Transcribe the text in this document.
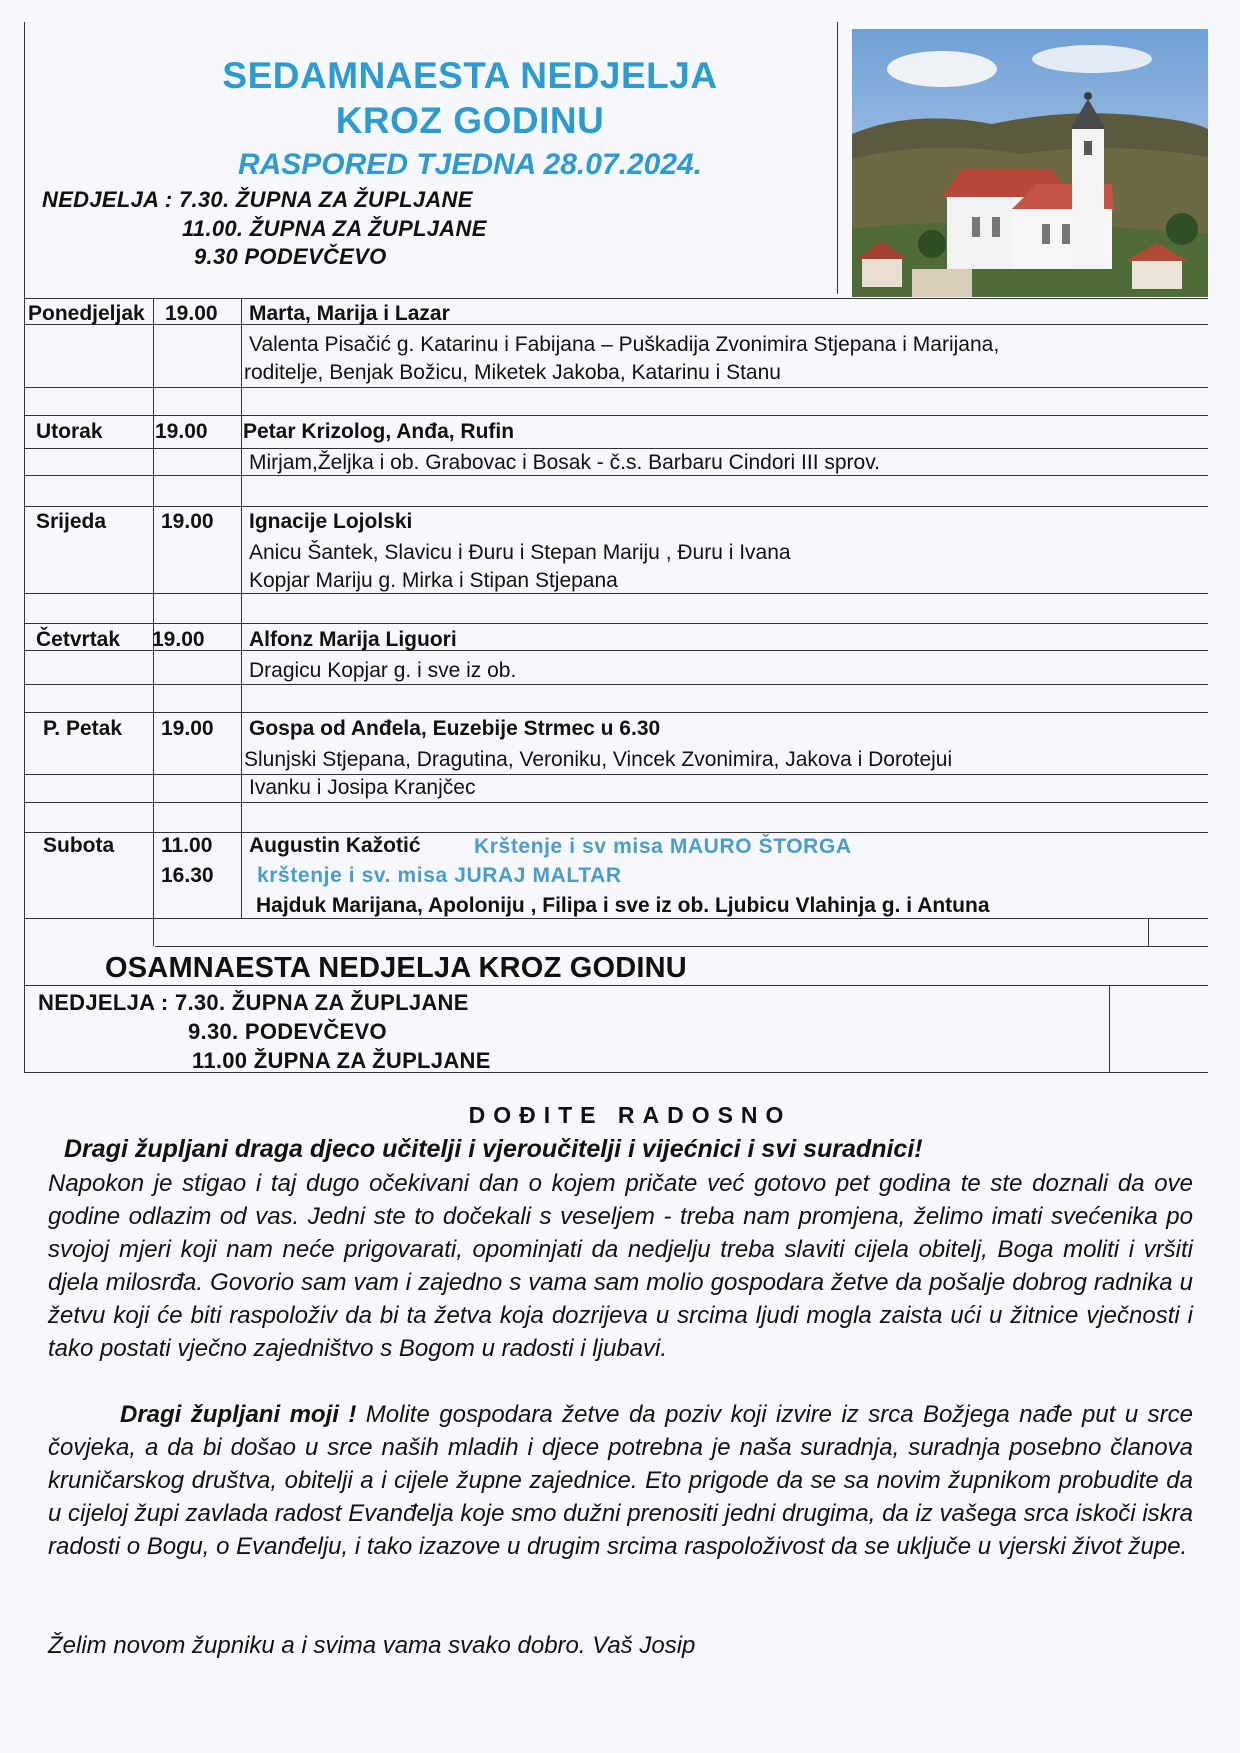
SEDAMNAESTA NEDJELJA
KROZ GODINU
RASPORED TJEDNA 28.07.2024.
NEDJELJA : 7.30. ŽUPNA ZA ŽUPLJANE
11.00. ŽUPNA ZA ŽUPLJANE
9.30 PODEVČEVO
Ponedjeljak 19.00 Marta, Marija i Lazar
Valenta Pisačić g. Katarinu i Fabijana – Puškadija Zvonimira Stjepana i Marijana,
roditelje, Benjak Božicu, Miketek Jakoba, Katarinu i Stanu
Utorak 19.00 Petar Krizolog, Anđa, Rufin
Mirjam,Željka i ob. Grabovac i Bosak - č.s. Barbaru Cindori III sprov.
Srijeda	19.00 Ignacije Lojolski
Anicu Šantek, Slavicu i Đuru i Stepan Mariju , Đuru i Ivana
Kopjar Mariju g. Mirka i Stipan Stjepana
Četvrtak 19.00 Alfonz Marija Liguori
Dragicu Kopjar g. i sve iz ob.
P. Petak 19.00 Gospa od Anđela, Euzebije Strmec u 6.30
Slunjski Stjepana, Dragutina, Veroniku, Vincek Zvonimira, Jakova i Dorotejui
Ivanku i Josipa Kranjčec
Subota 11.00 Augustin Kažotić	Krštenje i sv misa MAURO ŠTORGA
16.30 krštenje i sv. misa JURAJ MALTAR
Hajduk Marijana, Apoloniju , Filipa i sve iz ob. Ljubicu Vlahinja g. i Antuna
OSAMNAESTA NEDJELJA KROZ GODINU
NEDJELJA : 7.30. ŽUPNA ZA ŽUPLJANE
9.30. PODEVČEVO
11.00 ŽUPNA ZA ŽUPLJANE
DOĐITE RADOSNO
Dragi župljani draga djeco učitelji i vjeroučitelji i vijećnici i svi suradnici!

Napokon je stigao i taj dugo očekivani dan o kojem pričate već gotovo pet godina te ste doznali da ove godine odlazim od vas. Jedni ste to dočekali s veseljem - treba nam promjena, želimo imati svećenika po svojoj mjeri koji nam neće prigovarati, opominjati da nedjelju treba slaviti cijela obitelj, Boga moliti i vršiti djela milosrđa. Govorio sam vam i zajedno s vama sam molio gospodara žetve da pošalje dobrog radnika u žetvu koji će biti raspoloživ da bi ta žetva koja dozrijeva u srcima ljudi mogla zaista ući u žitnice vječnosti i tako postati vječno zajedništvo s Bogom u radosti i ljubavi.

Dragi župljani moji ! Molite gospodara žetve da poziv koji izvire iz srca Božjega nađe put u srce čovjeka, a da bi došao u srce naših mladih i djece potrebna je naša suradnja, suradnja posebno članova kruničarskog društva, obitelji a i cijele župne zajednice. Eto prigode da se sa novim župnikom probudite da u cijeloj župi zavlada radost Evanđelja koje smo dužni prenositi jedni drugima, da iz vašega srca iskoči iskra radosti o Bogu, o Evanđelju, i tako izazove u drugim srcima raspoloživost da se uključe u vjerski život župe.

Želim novom župniku a i svima vama svako dobro. Vaš Josip
